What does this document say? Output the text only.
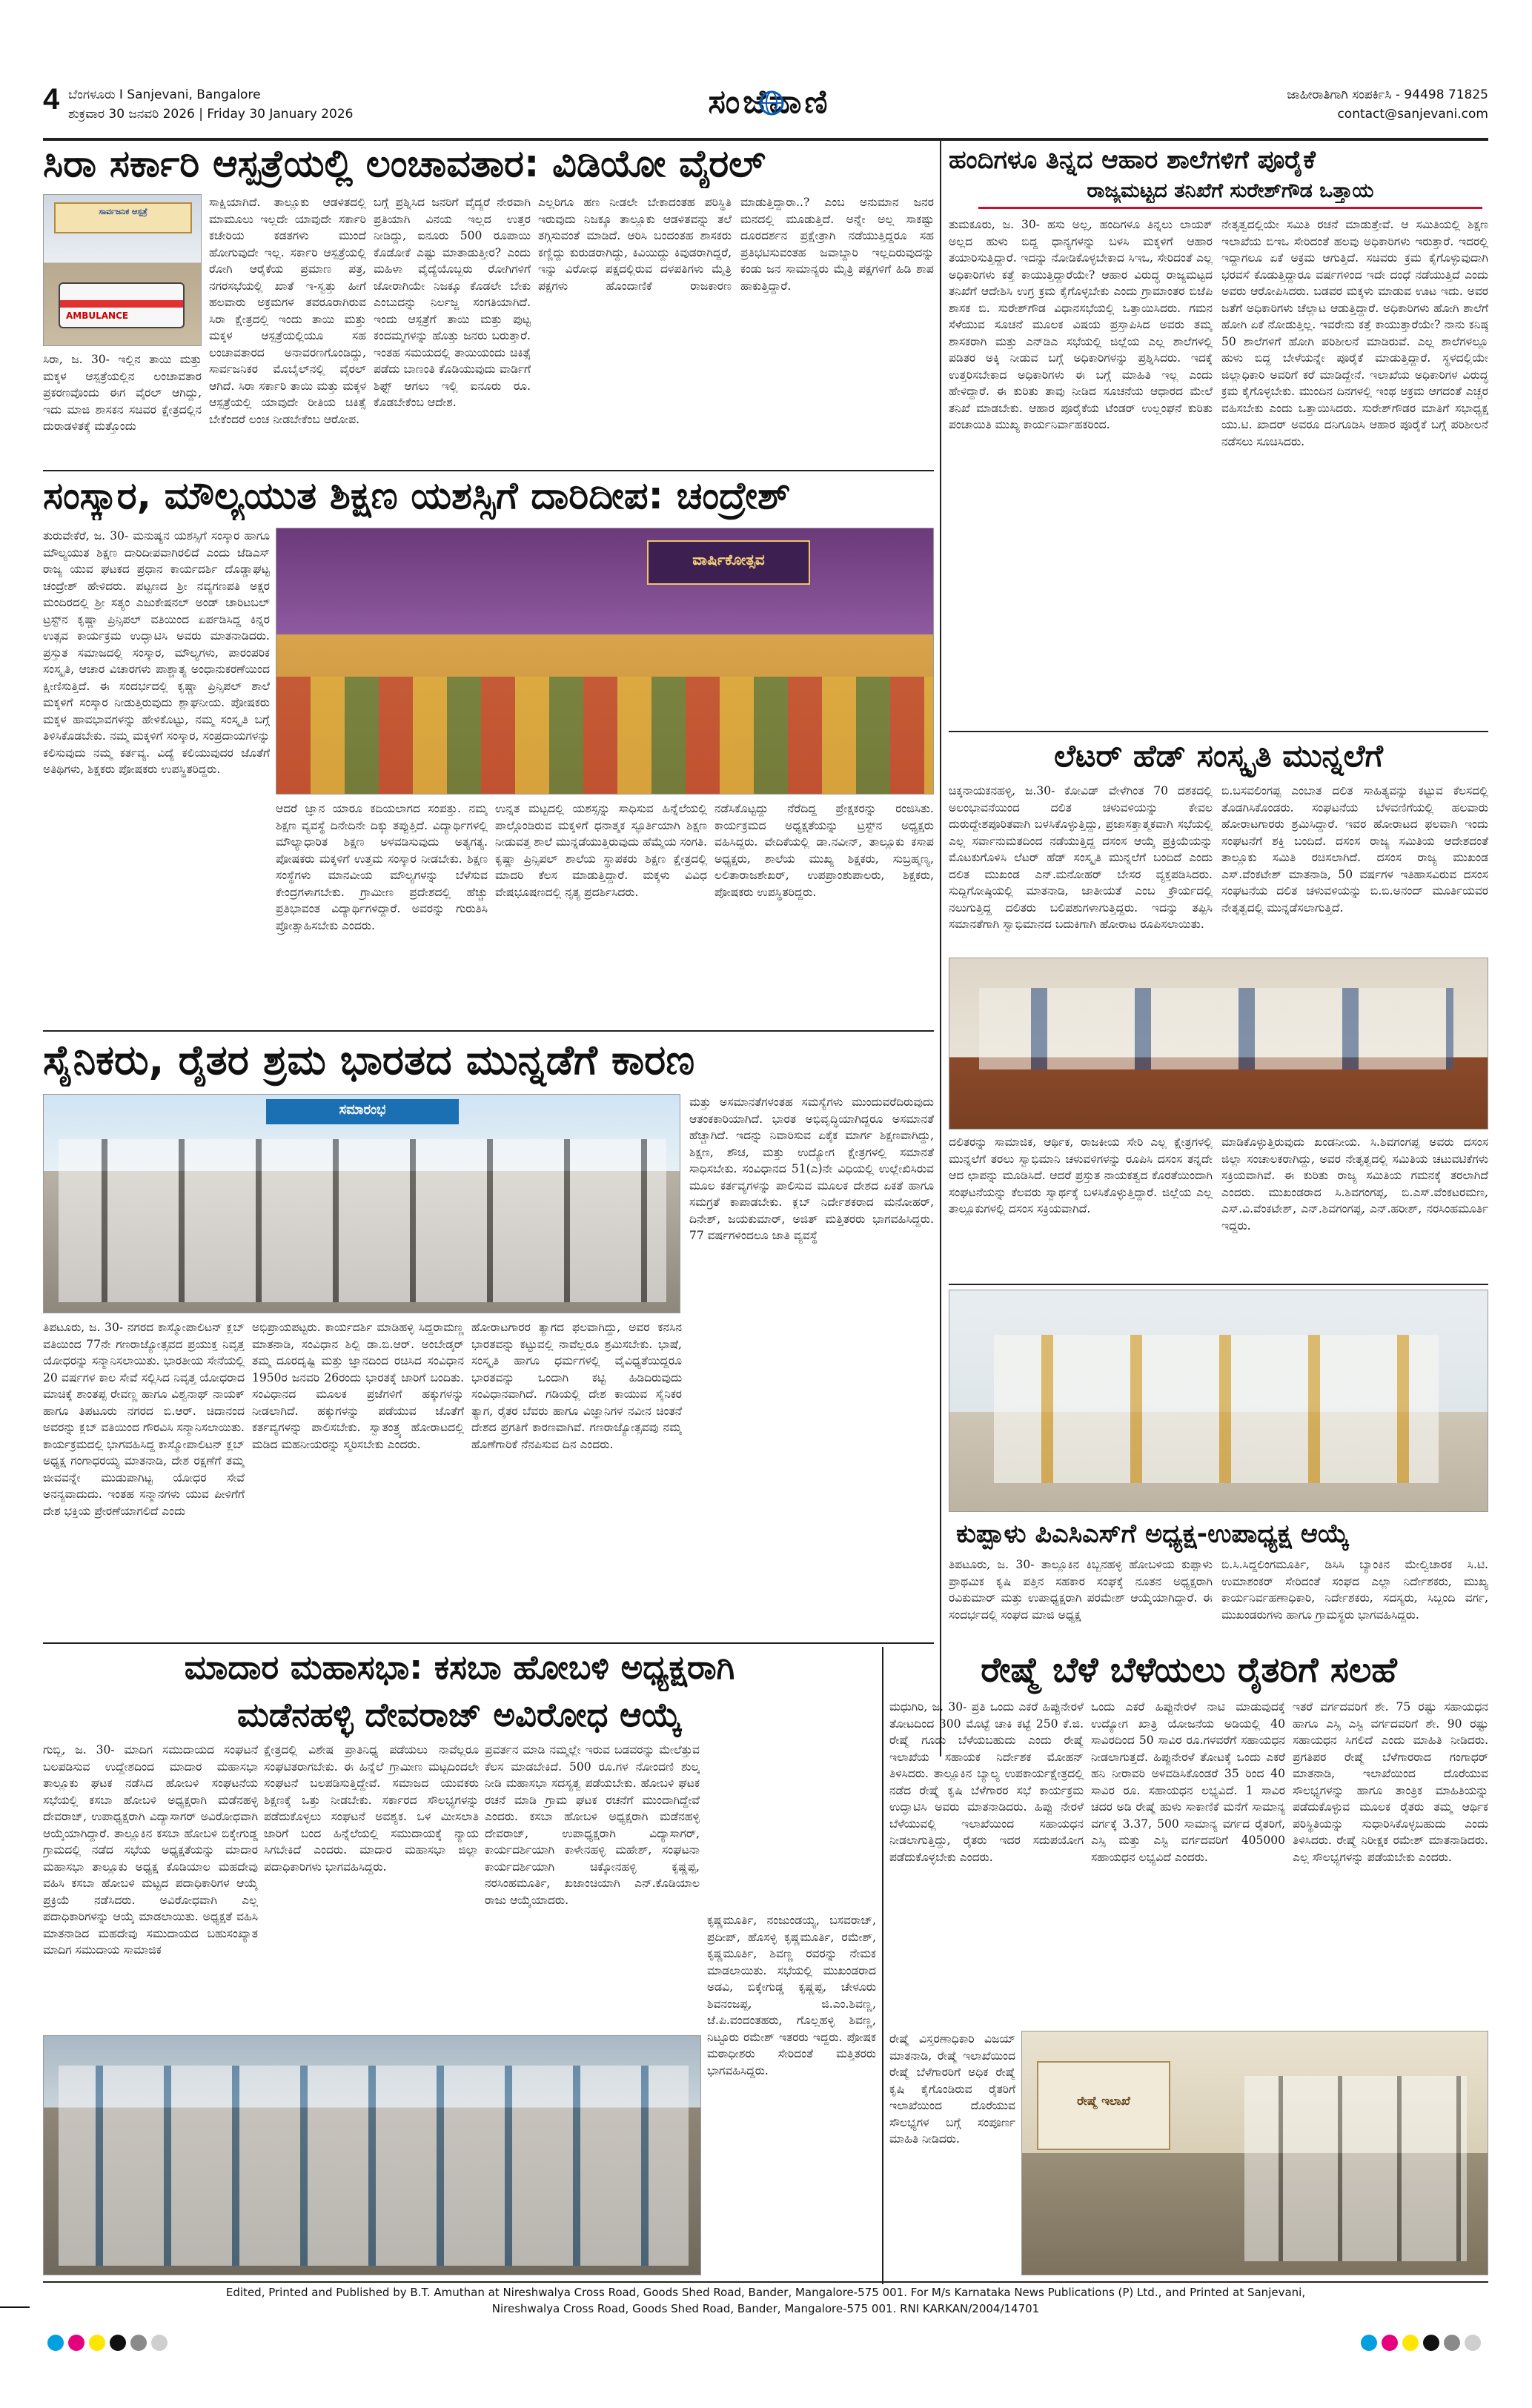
4 ಬೆಂಗಳೂರು I Sanjevani, Bangalore
ಶುಕ್ರವಾರ 30 ಜನವರಿ 2026 | Friday 30 January 2026	ಸಂಜೆವಾಣಿ	ಜಾಹೀರಾತಿಗಾಗಿ ಸಂಪರ್ಕಿಸಿ - 94498 71825
contact@sanjevani.com
ಸಿರಾ ಸರ್ಕಾರಿ ಆಸ್ಪತ್ರೆಯಲ್ಲಿ ಲಂಚಾವತಾರ: ವಿಡಿಯೋ ವೈರಲ್
ಸಾರ್ವಜನಿಕ ಆಸ್ಪತ್ರೆ
AMBULANCE
ಸಿರಾ, ಜ. 30- ಇಲ್ಲಿನ ತಾಯಿ ಮತ್ತು ಮಕ್ಕಳ ಆಸ್ಪತ್ರೆಯಲ್ಲಿನ ಲಂಚಾವತಾರ ಪ್ರಕರಣವೊಂದು ಈಗ ವೈರಲ್ ಆಗಿದ್ದು, ಇದು ಮಾಜಿ ಶಾಸಕನ ಸಚಿವರ ಕ್ಷೇತ್ರದಲ್ಲಿನ ದುರಾಡಳಿತಕ್ಕೆ ಮತ್ತೊಂದು
ಸಾಕ್ಷಿಯಾಗಿದೆ. ತಾಲ್ಲೂಕು ಆಡಳಿತದಲ್ಲಿ ಮಾಮೂಲು ಇಲ್ಲದೇ ಯಾವುದೇ ಸರ್ಕಾರಿ ಕಚೇರಿಯ ಕಡತಗಳು ಮುಂದೆ ಹೋಗುವುದೇ ಇಲ್ಲ. ಸರ್ಕಾರಿ ಆಸ್ಪತ್ರೆಯಲ್ಲಿ ರೋಗಿ ಆರೈಕೆಯ ಪ್ರಮಾಣ ಪತ್ರ, ನಗರಸಭೆಯಲ್ಲಿ ಖಾತೆ ಇ-ಸ್ವತ್ತು ಹೀಗೆ ಹಲವಾರು ಅಕ್ರಮಗಳ ತವರೂರಾಗಿರುವ ಸಿರಾ ಕ್ಷೇತ್ರದಲ್ಲಿ ಇಂದು ತಾಯಿ ಮತ್ತು ಮಕ್ಕಳ ಆಸ್ಪತ್ರೆಯಲ್ಲಿಯೂ ಸಹ ಲಂಚಾವತಾರದ ಅನಾವರಣಗೊಂಡಿದ್ದು, ಸಾರ್ವಜನಿಕರ ಮೊಬೈಲ್‌ನಲ್ಲಿ ವೈರಲ್ ಆಗಿದೆ. ಸಿರಾ ಸರ್ಕಾರಿ ತಾಯಿ ಮತ್ತು ಮಕ್ಕಳ ಆಸ್ಪತ್ರೆಯಲ್ಲಿ ಯಾವುದೇ ರೀತಿಯ ಚಿಕಿತ್ಸೆ ಬೇಕೆಂದರೆ ಲಂಚ ನೀಡಬೇಕೆಂಬ ಆರೋಪ.
ಬಗ್ಗೆ ಪ್ರಶ್ನಿಸಿದ ಜನರಿಗೆ ವೈದ್ಯರೆ ನೇರವಾಗಿ ಪ್ರತಿಯಾಗಿ ವಿನಯ ಇಲ್ಲದ ಉತ್ತರ ನೀಡಿದ್ದು, ಐನೂರು 500 ರೂಪಾಯಿ ಕೊಡೋಕೆ ಎಷ್ಟು ಮಾತಾಡುತ್ತೀರ? ಎಂದು ಮಹಿಳಾ ವೈದ್ಯೆಯೊಬ್ಬರು ರೋಗಿಗಳಿಗೆ ಜೋರಾಗಿಯೇ ನಿಜಕ್ಕೂ ಕೊಡಲೇ ಬೇಕು ಎಂಬುದನ್ನು ನಿರ್ಲಜ್ಜ ಸಂಗತಿಯಾಗಿದೆ. ಇಂದು ಆಸ್ಪತ್ರೆಗೆ ತಾಯಿ ಮತ್ತು ಪುಟ್ಟ ಕಂದಮ್ಮಗಳನ್ನು ಹೊತ್ತು ಜನರು ಬರುತ್ತಾರೆ. ಇಂತಹ ಸಮಯದಲ್ಲಿ ತಾಯಿಯಂದು ಚಿಕಿತ್ಸೆ ಪಡೆದು ಬಾಣಂತಿ ಕೊಡಿಯುವುದು ವಾರ್ಡಿಗೆ ಶಿಫ್ಟ್ ಆಗಲು ಇಲ್ಲಿ ಐನೂರು ರೂ. ಕೊಡಬೇಕೆಂಬ ಆದೇಶ.
ಎಲ್ಲರಿಗೂ ಹಣ ನೀಡಲೇ ಬೇಕಾದಂತಹ ಪರಿಸ್ಥಿತಿ ಇರುವುದು ನಿಜಕ್ಕೂ ತಾಲ್ಲೂಕು ಆಡಳಿತವನ್ನು ತಲೆ ತಗ್ಗಿಸುವಂತೆ ಮಾಡಿದೆ. ಆರಿಸಿ ಬಂದಂತಹ ಶಾಸಕರು ಕಣ್ಣಿದ್ದು ಕುರುಡರಾಗಿದ್ದು, ಕಿವಿಯಿದ್ದು ಕಿವುಡರಾಗಿದ್ದರೆ, ಇನ್ನು ವಿರೋಧ ಪಕ್ಷದಲ್ಲಿರುವ ದಳಪತಿಗಳು ಮೈತ್ರಿ ಪಕ್ಷಗಳು ಹೊಂದಾಣಿಕೆ ರಾಜಕಾರಣ ಮಾಡುತ್ತಿದ್ದಾರಾ..? ಎಂಬ ಅನುಮಾನ ಜನರ ಮನದಲ್ಲಿ ಮೂಡುತ್ತಿದೆ. ಅನ್ನೇ ಅಲ್ಲ ಸಾಕಷ್ಟು ದೂರದರ್ಶನ ಪ್ರಕ್ಷೇತ್ರಾಗಿ ನಡೆಯುತ್ತಿದ್ದರೂ ಸಹ ಪ್ರತಿಭಟಿಸುವಂತಹ ಜವಾಬ್ದಾರಿ ಇಲ್ಲದಿರುವುದನ್ನು ಕಂಡು ಜನ ಸಾಮಾನ್ಯರು ಮೈತ್ರಿ ಪಕ್ಷಗಳಿಗೆ ಹಿಡಿ ಶಾಪ ಹಾಕುತ್ತಿದ್ದಾರೆ.
ಹಂದಿಗಳೂ ತಿನ್ನದ ಆಹಾರ ಶಾಲೆಗಳಿಗೆ ಪೂರೈಕೆ
ರಾಜ್ಯಮಟ್ಟದ ತನಿಖೆಗೆ ಸುರೇಶ್‌ಗೌಡ ಒತ್ತಾಯ
ತುಮಕೂರು, ಜ. 30- ಹಸು ಅಲ್ಲ, ಹಂದಿಗಳೂ ತಿನ್ನಲು ಲಾಯಕ್ ಅಲ್ಲದ ಹುಳು ಬಿದ್ದ ಧಾನ್ಯಗಳನ್ನು ಬಳಸಿ ಮಕ್ಕಳಿಗೆ ಆಹಾರ ತಯಾರಿಸುತ್ತಿದ್ದಾರೆ. ಇದನ್ನು ನೋಡಿಕೊಳ್ಳಬೇಕಾದ ಸಿಇಒ, ಸೇರಿದಂತೆ ಎಲ್ಲ ಅಧಿಕಾರಿಗಳು ಕತ್ತೆ ಕಾಯುತ್ತಿದ್ದಾರೆಯೇ? ಆಹಾರ ವಿರುದ್ಧ ರಾಜ್ಯಮಟ್ಟದ ತನಿಖೆಗೆ ಆದೇಶಿಸಿ ಉಗ್ರ ಕ್ರಮ ಕೈಗೊಳ್ಳಬೇಕು ಎಂದು ಗ್ರಾಮಾಂತರ ಬಿಜೆಪಿ ಶಾಸಕ ಬಿ. ಸುರೇಶ್‌ಗೌಡ ವಿಧಾನಸಭೆಯಲ್ಲಿ ಒತ್ತಾಯಿಸಿದರು. ಗಮನ ಸೆಳೆಯುವ ಸೂಚನೆ ಮೂಲಕ ವಿಷಯ ಪ್ರಸ್ತಾಪಿಸಿದ ಅವರು ತಮ್ಮ ಶಾಸಕರಾಗಿ ಮತ್ತು ಎನ್‌ಡಿಎ ಸಭೆಯಲ್ಲಿ ಜಿಲ್ಲೆಯ ಎಲ್ಲ ಶಾಲೆಗಳಲ್ಲಿ ಪಡಿತರ ಅಕ್ಕಿ ನೀಡುವ ಬಗ್ಗೆ ಅಧಿಕಾರಿಗಳನ್ನು ಪ್ರಶ್ನಿಸಿದರು. ಇದಕ್ಕೆ ಉತ್ತರಿಸಬೇಕಾದ ಅಧಿಕಾರಿಗಳು ಈ ಬಗ್ಗೆ ಮಾಹಿತಿ ಇಲ್ಲ ಎಂದು ಹೇಳಿದ್ದಾರೆ. ಈ ಕುರಿತು ತಾವು ನೀಡಿದ ಸೂಚನೆಯ ಆಧಾರದ ಮೇಲೆ ತನಿಖೆ ಮಾಡಬೇಕು. ಆಹಾರ ಪೂರೈಕೆಯ ಟೆಂಡರ್ ಉಲ್ಲಂಘನೆ ಕುರಿತು ಪಂಚಾಯಿತಿ ಮುಖ್ಯ ಕಾರ್ಯನಿರ್ವಾಹಕರಿಂದ.
ನೇತೃತ್ವದಲ್ಲಿಯೇ ಸಮಿತಿ ರಚನೆ ಮಾಡುತ್ತೇವೆ. ಆ ಸಮಿತಿಯಲ್ಲಿ ಶಿಕ್ಷಣ ಇಲಾಖೆಯ ಬಿಇಒ ಸೇರಿದಂತೆ ಹಲವು ಅಧಿಕಾರಿಗಳು ಇರುತ್ತಾರೆ. ಇದರಲ್ಲಿ ಇದ್ದಾಗಲೂ ಏಕೆ ಅಕ್ರಮ ಆಗುತ್ತಿದೆ. ಸಚಿವರು ಕ್ರಮ ಕೈಗೊಳ್ಳುವುದಾಗಿ ಭರವಸೆ ಕೊಡುತ್ತಿದ್ದಾರೂ ವರ್ಷಗಳಿಂದ ಇದೇ ದಂಧೆ ನಡೆಯುತ್ತಿದೆ ಎಂದು ಅವರು ಆರೋಪಿಸಿದರು. ಬಡವರ ಮಕ್ಕಳು ಮಾಡುವ ಊಟ ಇದು. ಅವರ ಜತೆಗೆ ಅಧಿಕಾರಿಗಳು ಚೆಲ್ಲಾಟ ಆಡುತ್ತಿದ್ದಾರೆ. ಅಧಿಕಾರಿಗಳು ಹೋಗಿ ಶಾಲೆಗೆ ಹೋಗಿ ಏಕೆ ನೋಡುತ್ತಿಲ್ಲ. ಇವರೇನು ಕತ್ತೆ ಕಾಯುತ್ತಾರೆಯೇ? ನಾನು ಕನಿಷ್ಠ 50 ಶಾಲೆಗಳಿಗೆ ಹೋಗಿ ಪರಿಶೀಲನೆ ಮಾಡಿರುವೆ. ಎಲ್ಲ ಶಾಲೆಗಳಲ್ಲೂ ಹುಳು ಬಿದ್ದ ಬೇಳೆಯನ್ನೇ ಪೂರೈಕೆ ಮಾಡುತ್ತಿದ್ದಾರೆ. ಸ್ಥಳದಲ್ಲಿಯೇ ಜಿಲ್ಲಾಧಿಕಾರಿ ಅವರಿಗೆ ಕರೆ ಮಾಡಿದ್ದೇನೆ. ಇಲಾಖೆಯ ಅಧಿಕಾರಿಗಳ ವಿರುದ್ಧ ಕ್ರಮ ಕೈಗೊಳ್ಳಬೇಕು. ಮುಂದಿನ ದಿನಗಳಲ್ಲಿ ಇಂಥ ಅಕ್ರಮ ಆಗದಂತೆ ಎಚ್ಚರ ವಹಿಸಬೇಕು ಎಂದು ಒತ್ತಾಯಿಸಿದರು. ಸುರೇಶ್‌ಗೌಡರ ಮಾತಿಗೆ ಸಭಾಧ್ಯಕ್ಷ ಯು.ಟಿ. ಖಾದರ್ ಅವರೂ ದನಿಗೂಡಿಸಿ ಆಹಾರ ಪೂರೈಕೆ ಬಗ್ಗೆ ಪರಿಶೀಲನೆ ನಡೆಸಲು ಸೂಚಿಸಿದರು.
ಸಂಸ್ಕಾರ, ಮೌಲ್ಯಯುತ ಶಿಕ್ಷಣ ಯಶಸ್ಸಿಗೆ ದಾರಿದೀಪ: ಚಂದ್ರೇಶ್
ತುರುವೇಕೆರೆ, ಜ. 30- ಮನುಷ್ಯನ ಯಶಸ್ಸಿಗೆ ಸಂಸ್ಕಾರ ಹಾಗೂ ಮೌಲ್ಯಯುತ ಶಿಕ್ಷಣ ದಾರಿದೀಪವಾಗಿರಲಿದೆ ಎಂದು ಜೆಡಿಎಸ್ ರಾಜ್ಯ ಯುವ ಘಟಕದ ಪ್ರಧಾನ ಕಾರ್ಯದರ್ಶಿ ದೊಡ್ಡಾಘಟ್ಟ ಚಂದ್ರೇಶ್ ಹೇಳಿದರು. ಪಟ್ಟಣದ ಶ್ರೀ ನವ್ಯಗಣಪತಿ ಅಕ್ಷರ ಮಂದಿರದಲ್ಲಿ ಶ್ರೀ ಸತ್ಯಂ ಎಜುಕೇಷನಲ್ ಅಂಡ್ ಚಾರಿಟಬಲ್ ಟ್ರಸ್ಟ್‌ನ ಕೃಷ್ಣಾ ಪ್ರಿನ್ಸಿಪಲ್ ವತಿಯಿಂದ ಏರ್ಪಡಿಸಿದ್ದ ಕಿನ್ನರ ಉತ್ಸವ ಕಾರ್ಯಕ್ರಮ ಉದ್ಘಾಟಿಸಿ ಅವರು ಮಾತನಾಡಿದರು. ಪ್ರಸ್ತುತ ಸಮಾಜದಲ್ಲಿ ಸಂಸ್ಕಾರ, ಮೌಲ್ಯಗಳು, ಪಾರಂಪರಿಕ ಸಂಸ್ಕೃತಿ, ಆಚಾರ ವಿಚಾರಗಳು ಪಾಶ್ಚಾತ್ಯ ಅಂಧಾನುಕರಣೆಯಿಂದ ಕ್ಷೀಣಿಸುತ್ತಿದೆ. ಈ ಸಂದರ್ಭದಲ್ಲಿ ಕೃಷ್ಣಾ ಪ್ರಿನ್ಸಿಪಲ್ ಶಾಲೆ ಮಕ್ಕಳಿಗೆ ಸಂಸ್ಕಾರ ನೀಡುತ್ತಿರುವುದು ಶ್ಲಾಘನೀಯ. ಪೋಷಕರು ಮಕ್ಕಳ ಹಾವಭಾವಗಳನ್ನು ಹೇಳಿಕೊಟ್ಟು, ನಮ್ಮ ಸಂಸ್ಕೃತಿ ಬಗ್ಗೆ ತಿಳಿಸಿಕೊಡಬೇಕು. ನಮ್ಮ ಮಕ್ಕಳಿಗೆ ಸಂಸ್ಕಾರ, ಸಂಪ್ರದಾಯಗಳನ್ನು ಕಲಿಸುವುದು ನಮ್ಮ ಕರ್ತವ್ಯ. ವಿದ್ಯೆ ಕಲಿಯುವುದರ ಜೊತೆಗೆ ಅತಿಥಿಗಳು, ಶಿಕ್ಷಕರು ಪೋಷಕರು ಉಪಸ್ಥಿತರಿದ್ದರು.
ವಾರ್ಷಿಕೋತ್ಸವ
ಆದರೆ ಜ್ಞಾನ ಯಾರೂ ಕದಿಯಲಾಗದ ಸಂಪತ್ತು. ನಮ್ಮ ಶಿಕ್ಷಣ ವ್ಯವಸ್ಥೆ ದಿನೇದಿನೇ ದಿಕ್ಕು ತಪ್ಪುತ್ತಿದೆ. ವಿದ್ಯಾರ್ಥಿಗಳಲ್ಲಿ ಮೌಲ್ಯಾಧಾರಿತ ಶಿಕ್ಷಣ ಅಳವಡಿಸುವುದು ಅತ್ಯಗತ್ಯ. ಪೋಷಕರು ಮಕ್ಕಳಿಗೆ ಉತ್ತಮ ಸಂಸ್ಕಾರ ನೀಡಬೇಕು. ಶಿಕ್ಷಣ ಸಂಸ್ಥೆಗಳು ಮಾನವೀಯ ಮೌಲ್ಯಗಳನ್ನು ಬೆಳೆಸುವ ಕೇಂದ್ರಗಳಾಗಬೇಕು. ಗ್ರಾಮೀಣ ಪ್ರದೇಶದಲ್ಲಿ ಹೆಚ್ಚು ಪ್ರತಿಭಾವಂತ ವಿದ್ಯಾರ್ಥಿಗಳಿದ್ದಾರೆ. ಅವರನ್ನು ಗುರುತಿಸಿ ಪ್ರೋತ್ಸಾಹಿಸಬೇಕು ಎಂದರು.
ಉನ್ನತ ಮಟ್ಟದಲ್ಲಿ ಯಶಸ್ಸನ್ನು ಸಾಧಿಸುವ ಹಿನ್ನೆಲೆಯಲ್ಲಿ ಪಾಲ್ಗೊಂಡಿರುವ ಮಕ್ಕಳಿಗೆ ಧನಾತ್ಮಕ ಸ್ಫೂರ್ತಿಯಾಗಿ ಶಿಕ್ಷಣ ನೀಡುವತ್ತ ಶಾಲೆ ಮುನ್ನಡೆಯುತ್ತಿರುವುದು ಹೆಮ್ಮೆಯ ಸಂಗತಿ. ಕೃಷ್ಣಾ ಪ್ರಿನ್ಸಿಪಲ್ ಶಾಲೆಯ ಸ್ಥಾಪಕರು ಶಿಕ್ಷಣ ಕ್ಷೇತ್ರದಲ್ಲಿ ಮಾದರಿ ಕೆಲಸ ಮಾಡುತ್ತಿದ್ದಾರೆ. ಮಕ್ಕಳು ವಿವಿಧ ವೇಷಭೂಷಣದಲ್ಲಿ ನೃತ್ಯ ಪ್ರದರ್ಶಿಸಿದರು.
ನಡೆಸಿಕೊಟ್ಟದ್ದು ನೆರೆದಿದ್ದ ಪ್ರೇಕ್ಷಕರನ್ನು ರಂಜಿಸಿತು. ಕಾರ್ಯಕ್ರಮದ ಅಧ್ಯಕ್ಷತೆಯನ್ನು ಟ್ರಸ್ಟ್‌ನ ಅಧ್ಯಕ್ಷರು ವಹಿಸಿದ್ದರು. ವೇದಿಕೆಯಲ್ಲಿ ಡಾ.ನವೀನ್, ತಾಲ್ಲೂಕು ಕಸಾಪ ಅಧ್ಯಕ್ಷರು, ಶಾಲೆಯ ಮುಖ್ಯ ಶಿಕ್ಷಕರು, ಸುಬ್ರಹ್ಮಣ್ಯ, ಲಲಿತಾರಾಜಶೇಖರ್, ಉಪಪ್ರಾಂಶುಪಾಲರು, ಶಿಕ್ಷಕರು, ಪೋಷಕರು ಉಪಸ್ಥಿತರಿದ್ದರು.
ಲೆಟರ್ ಹೆಡ್ ಸಂಸ್ಕೃತಿ ಮುನ್ನಲೆಗೆ
ಚಿಕ್ಕನಾಯಕನಹಳ್ಳಿ, ಜ.30- ಕೋವಿಡ್ ವೇಳೆಗಿಂತ 70 ದಶಕದಲ್ಲಿ ಅಲಂಭಾವನೆಯಿಂದ ದಲಿತ ಚಳುವಳಿಯನ್ನು ಕೇವಲ ದುರುದ್ದೇಶಪೂರಿತವಾಗಿ ಬಳಸಿಕೊಳ್ಳುತ್ತಿದ್ದು, ಪ್ರಜಾಸತ್ತಾತ್ಮಕವಾಗಿ ಸಭೆಯಲ್ಲಿ ಎಲ್ಲ ಸರ್ವಾನುಮತದಿಂದ ನಡೆಯುತ್ತಿದ್ದ ದಸಂಸ ಆಯ್ಕೆ ಪ್ರಕ್ರಿಯೆಯನ್ನು ಮೊಟಕುಗೊಳಿಸಿ ಲೆಟರ್ ಹೆಡ್ ಸಂಸ್ಕೃತಿ ಮುನ್ನಲೆಗೆ ಬಂದಿದೆ ಎಂದು ದಲಿತ ಮುಖಂಡ ಎನ್.ಮನೋಹರ್ ಬೇಸರ ವ್ಯಕ್ತಪಡಿಸಿದರು. ಸುದ್ದಿಗೋಷ್ಠಿಯಲ್ಲಿ ಮಾತನಾಡಿ, ಜಾತೀಯತೆ ಎಂಬ ಕ್ರೌರ್ಯದಲ್ಲಿ ನಲುಗುತ್ತಿದ್ದ ದಲಿತರು ಬಲಿಪಶುಗಳಾಗುತ್ತಿದ್ದರು. ಇದನ್ನು ತಪ್ಪಿಸಿ ಸಮಾನತೆಗಾಗಿ ಸ್ವಾಭಿಮಾನದ ಬದುಕಿಗಾಗಿ ಹೋರಾಟ ರೂಪಿಸಲಾಯಿತು.
ಬಿ.ಬಸವಲಿಂಗಪ್ಪ ಎಂಬಾತ ದಲಿತ ಸಾಹಿತ್ಯವನ್ನು ಕಟ್ಟುವ ಕೆಲಸದಲ್ಲಿ ತೊಡಗಿಸಿಕೊಂಡರು. ಸಂಘಟನೆಯ ಬೆಳವಣಿಗೆಯಲ್ಲಿ ಹಲವಾರು ಹೋರಾಟಗಾರರು ಶ್ರಮಿಸಿದ್ದಾರೆ. ಇವರ ಹೋರಾಟದ ಫಲವಾಗಿ ಇಂದು ಸಂಘಟನೆಗೆ ಶಕ್ತಿ ಬಂದಿದೆ. ದಸಂಸ ರಾಜ್ಯ ಸಮಿತಿಯ ಆದೇಶದಂತೆ ತಾಲ್ಲೂಕು ಸಮಿತಿ ರಚಿಸಲಾಗಿದೆ. ದಸಂಸ ರಾಜ್ಯ ಮುಖಂಡ ಎಸ್.ವೆಂಕಟೇಶ್ ಮಾತನಾಡಿ, 50 ವರ್ಷಗಳ ಇತಿಹಾಸವಿರುವ ದಸಂಸ ಸಂಘಟನೆಯ ದಲಿತ ಚಳುವಳಿಯನ್ನು ಬಿ.ಬಿ.ಅನಂದ್ ಮೂರ್ತಿಯವರ ನೇತೃತ್ವದಲ್ಲಿ ಮುನ್ನಡೆಸಲಾಗುತ್ತಿದೆ.
ದಲಿತರನ್ನು ಸಾಮಾಜಿಕ, ಆರ್ಥಿಕ, ರಾಜಕೀಯ ಸೇರಿ ಎಲ್ಲ ಕ್ಷೇತ್ರಗಳಲ್ಲಿ ಮುನ್ನಲೆಗೆ ತರಲು ಸ್ವಾಭಿಮಾನಿ ಚಳುವಳಿಗಳನ್ನು ರೂಪಿಸಿ ದಸಂಸ ತನ್ನದೇ ಆದ ಛಾಪನ್ನು ಮೂಡಿಸಿದೆ. ಆದರೆ ಪ್ರಸ್ತುತ ನಾಯಕತ್ವದ ಕೊರತೆಯಿಂದಾಗಿ ಸಂಘಟನೆಯನ್ನು ಕೆಲವರು ಸ್ವಾರ್ಥಕ್ಕೆ ಬಳಸಿಕೊಳ್ಳುತ್ತಿದ್ದಾರೆ. ಜಿಲ್ಲೆಯ ಎಲ್ಲ ತಾಲ್ಲೂಕುಗಳಲ್ಲಿ ದಸಂಸ ಸಕ್ರಿಯವಾಗಿದೆ.
ಮಾಡಿಕೊಳ್ಳುತ್ತಿರುವುದು ಖಂಡನೀಯ. ಸಿ.ಶಿವಗಂಗಪ್ಪ ಅವರು ದಸಂಸ ಜಿಲ್ಲಾ ಸಂಚಾಲಕರಾಗಿದ್ದು, ಅವರ ನೇತೃತ್ವದಲ್ಲಿ ಸಮಿತಿಯ ಚಟುವಟಿಕೆಗಳು ಸಕ್ರಿಯವಾಗಿವೆ. ಈ ಕುರಿತು ರಾಜ್ಯ ಸಮಿತಿಯ ಗಮನಕ್ಕೆ ತರಲಾಗಿದೆ ಎಂದರು. ಮುಖಂಡರಾದ ಸಿ.ಶಿವಗಂಗಪ್ಪ, ಬಿ.ಎಸ್.ವೆಂಕಟರಮಣ, ಎಸ್.ವಿ.ವೆಂಕಟೇಶ್, ಎನ್.ಶಿವಗಂಗಪ್ಪ, ಎನ್.ಹರೀಶ್, ನರಸಿಂಹಮೂರ್ತಿ ಇದ್ದರು.
ಕುಪ್ಪಾಳು ಪಿಎಸಿಎಸ್‌ಗೆ ಅಧ್ಯಕ್ಷ-ಉಪಾಧ್ಯಕ್ಷ ಆಯ್ಕೆ
ತಿಪಟೂರು, ಜ. 30- ತಾಲ್ಲೂಕಿನ ಕಿಬ್ಬನಹಳ್ಳಿ ಹೋಬಳಿಯ ಕುಪ್ಪಾಳು ಪ್ರಾಥಮಿಕ ಕೃಷಿ ಪತ್ತಿನ ಸಹಕಾರ ಸಂಘಕ್ಕೆ ನೂತನ ಅಧ್ಯಕ್ಷರಾಗಿ ರವಿಕುಮಾರ್ ಮತ್ತು ಉಪಾಧ್ಯಕ್ಷರಾಗಿ ಪರಮೇಶ್ ಆಯ್ಕೆಯಾಗಿದ್ದಾರೆ. ಈ ಸಂದರ್ಭದಲ್ಲಿ ಸಂಘದ ಮಾಜಿ ಅಧ್ಯಕ್ಷ
ಬಿ.ಸಿ.ಸಿದ್ದಲಿಂಗಮೂರ್ತಿ, ಡಿಸಿಸಿ ಬ್ಯಾಂಕಿನ ಮೇಲ್ವಿಚಾರಕ ಸಿ.ಟಿ. ಉಮಾಶಂಕರ್ ಸೇರಿದಂತೆ ಸಂಘದ ಎಲ್ಲಾ ನಿರ್ದೇಶಕರು, ಮುಖ್ಯ ಕಾರ್ಯನಿರ್ವಹಣಾಧಿಕಾರಿ, ನಿರ್ದೇಶಕರು, ಸದಸ್ಯರು, ಸಿಬ್ಬಂದಿ ವರ್ಗ, ಮುಖಂಡರುಗಳು ಹಾಗೂ ಗ್ರಾಮಸ್ಥರು ಭಾಗವಹಿಸಿದ್ದರು.
ಸೈನಿಕರು, ರೈತರ ಶ್ರಮ ಭಾರತದ ಮುನ್ನಡೆಗೆ ಕಾರಣ
ಸಮಾರಂಭ	ಮತ್ತು ಅಸಮಾನತೆಗಳಂತಹ ಸಮಸ್ಯೆಗಳು ಮುಂದುವರೆದಿರುವುದು ಆತಂಕಕಾರಿಯಾಗಿದೆ. ಭಾರತ ಅಭಿವೃದ್ಧಿಯಾಗಿದ್ದರೂ ಅಸಮಾನತೆ ಹೆಚ್ಚಾಗಿದೆ. ಇದನ್ನು ನಿವಾರಿಸುವ ಏಕೈಕ ಮಾರ್ಗ ಶಿಕ್ಷಣವಾಗಿದ್ದು, ಶಿಕ್ಷಣ, ಶೌಚ, ಮತ್ತು ಉದ್ಯೋಗ ಕ್ಷೇತ್ರಗಳಲ್ಲಿ ಸಮಾನತೆ ಸಾಧಿಸಬೇಕು. ಸಂವಿಧಾನದ 51(ಎ)ನೇ ವಿಧಿಯಲ್ಲಿ ಉಲ್ಲೇಖಿಸಿರುವ ಮೂಲ ಕರ್ತವ್ಯಗಳನ್ನು ಪಾಲಿಸುವ ಮೂಲಕ ದೇಶದ ಏಕತೆ ಹಾಗೂ ಸಮಗ್ರತೆ ಕಾಪಾಡಬೇಕು. ಕ್ಲಬ್ ನಿರ್ದೇಶಕರಾದ ಮನೋಹರ್, ದಿನೇಶ್, ಜಯಕುಮಾರ್, ಅಜಿತ್ ಮತ್ತಿತರರು ಭಾಗವಹಿಸಿದ್ದರು. 77 ವರ್ಷಗಳಿಂದಲೂ ಜಾತಿ ವ್ಯವಸ್ಥೆ
ತಿಪಟೂರು, ಜ. 30- ನಗರದ ಕಾಸ್ಮೋಪಾಲಿಟನ್ ಕ್ಲಬ್ ವತಿಯಿಂದ 77ನೇ ಗಣರಾಜ್ಯೋತ್ಸವದ ಪ್ರಯುಕ್ತ ನಿವೃತ್ತ ಯೋಧರನ್ನು ಸನ್ಮಾನಿಸಲಾಯಿತು. ಭಾರತೀಯ ಸೇನೆಯಲ್ಲಿ 20 ವರ್ಷಗಳ ಕಾಲ ಸೇವೆ ಸಲ್ಲಿಸಿದ ನಿವೃತ್ತ ಯೋಧರಾದ ಮಾಚಿಕ್ಕೆ ಶಾಂತಪ್ಪ ರೇವಣ್ಣ ಹಾಗೂ ವಿಶ್ವನಾಥ್ ನಾಯಕ್ ಹಾಗೂ ತಿಪಟೂರು ನಗರದ ಬಿ.ಆರ್. ಚಿದಾನಂದ ಅವರನ್ನು ಕ್ಲಬ್ ವತಿಯಿಂದ ಗೌರವಿಸಿ ಸನ್ಮಾನಿಸಲಾಯಿತು. ಕಾರ್ಯಕ್ರಮದಲ್ಲಿ ಭಾಗವಹಿಸಿದ್ದ ಕಾಸ್ಮೋಪಾಲಿಟನ್ ಕ್ಲಬ್ ಅಧ್ಯಕ್ಷ ಗಂಗಾಧರಯ್ಯ ಮಾತನಾಡಿ, ದೇಶ ರಕ್ಷಣೆಗೆ ತಮ್ಮ ಜೀವವನ್ನೇ ಮುಡುಪಾಗಿಟ್ಟ ಯೋಧರ ಸೇವೆ ಅನನ್ಯವಾದುದು. ಇಂತಹ ಸನ್ಮಾನಗಳು ಯುವ ಪೀಳಿಗೆಗೆ ದೇಶ ಭಕ್ತಿಯ ಪ್ರೇರಣೆಯಾಗಲಿದೆ ಎಂದು
ಅಭಿಪ್ರಾಯಪಟ್ಟರು. ಕಾರ್ಯದರ್ಶಿ ಮಾಡಿಹಳ್ಳಿ ಸಿದ್ದರಾಮಣ್ಣ ಮಾತನಾಡಿ, ಸಂವಿಧಾನ ಶಿಲ್ಪಿ ಡಾ.ಬಿ.ಆರ್. ಅಂಬೇಡ್ಕರ್ ತಮ್ಮ ದೂರದೃಷ್ಟಿ ಮತ್ತು ಜ್ಞಾನದಿಂದ ರಚಿಸಿದ ಸಂವಿಧಾನ 1950ರ ಜನವರಿ 26ರಂದು ಭಾರತಕ್ಕೆ ಜಾರಿಗೆ ಬಂದಿತು. ಸಂವಿಧಾನದ ಮೂಲಕ ಪ್ರಜೆಗಳಿಗೆ ಹಕ್ಕುಗಳನ್ನು ನೀಡಲಾಗಿದೆ. ಹಕ್ಕುಗಳನ್ನು ಪಡೆಯುವ ಜೊತೆಗೆ ಕರ್ತವ್ಯಗಳನ್ನು ಪಾಲಿಸಬೇಕು. ಸ್ವಾತಂತ್ರ್ಯ ಹೋರಾಟದಲ್ಲಿ ಮಡಿದ ಮಹನೀಯರನ್ನು ಸ್ಮರಿಸಬೇಕು ಎಂದರು.
ಹೋರಾಟಗಾರರ ತ್ಯಾಗದ ಫಲವಾಗಿದ್ದು, ಅವರ ಕನಸಿನ ಭಾರತವನ್ನು ಕಟ್ಟುವಲ್ಲಿ ನಾವೆಲ್ಲರೂ ಶ್ರಮಿಸಬೇಕು. ಭಾಷೆ, ಸಂಸ್ಕೃತಿ ಹಾಗೂ ಧರ್ಮಗಳಲ್ಲಿ ವೈವಿಧ್ಯತೆಯಿದ್ದರೂ ಭಾರತವನ್ನು ಒಂದಾಗಿ ಕಟ್ಟಿ ಹಿಡಿದಿರುವುದು ಸಂವಿಧಾನವಾಗಿದೆ. ಗಡಿಯಲ್ಲಿ ದೇಶ ಕಾಯುವ ಸೈನಿಕರ ತ್ಯಾಗ, ರೈತರ ಬೆವರು ಹಾಗೂ ವಿಜ್ಞಾನಿಗಳ ನವೀನ ಚಿಂತನೆ ದೇಶದ ಪ್ರಗತಿಗೆ ಕಾರಣವಾಗಿವೆ. ಗಣರಾಜ್ಯೋತ್ಸವವು ನಮ್ಮ ಹೊಣೆಗಾರಿಕೆ ನೆನಪಿಸುವ ದಿನ ಎಂದರು.
ಮಾದಾರ ಮಹಾಸಭಾ: ಕಸಬಾ ಹೋಬಳಿ ಅಧ್ಯಕ್ಷರಾಗಿ
ಮಡೆನಹಳ್ಳಿ ದೇವರಾಜ್ ಅವಿರೋಧ ಆಯ್ಕೆ
ಗುಬ್ಬಿ, ಜ. 30- ಮಾದಿಗ ಸಮುದಾಯದ ಸಂಘಟನೆ ಬಲಪಡಿಸುವ ಉದ್ದೇಶದಿಂದ ಮಾದಾರ ಮಹಾಸಭಾ ತಾಲ್ಲೂಕು ಘಟಕ ನಡೆಸಿದ ಹೋಬಳಿ ಸಂಘಟನೆಯ ಸಭೆಯಲ್ಲಿ ಕಸಬಾ ಹೋಬಳಿ ಅಧ್ಯಕ್ಷರಾಗಿ ಮಡೆನಹಳ್ಳಿ ದೇವರಾಜ್, ಉಪಾಧ್ಯಕ್ಷರಾಗಿ ವಿದ್ಯಾಸಾಗರ್ ಅವಿರೋಧವಾಗಿ ಆಯ್ಕೆಯಾಗಿದ್ದಾರೆ. ತಾಲ್ಲೂಕಿನ ಕಸಬಾ ಹೋಬಳಿ ಬಿಕ್ಕೇಗುಡ್ಡ ಗ್ರಾಮದಲ್ಲಿ ನಡೆದ ಸಭೆಯ ಅಧ್ಯಕ್ಷತೆಯನ್ನು ಮಾದಾರ ಮಹಾಸಭಾ ತಾಲ್ಲೂಕು ಅಧ್ಯಕ್ಷ ಕೊಡಿಯಾಲ ಮಹದೇವು ವಹಿಸಿ ಕಸಬಾ ಹೋಬಳಿ ಮಟ್ಟದ ಪದಾಧಿಕಾರಿಗಳ ಆಯ್ಕೆ ಪ್ರಕ್ರಿಯೆ ನಡೆಸಿದರು. ಅವಿರೋಧವಾಗಿ ಎಲ್ಲ ಪದಾಧಿಕಾರಿಗಳನ್ನು ಆಯ್ಕೆ ಮಾಡಲಾಯಿತು. ಅಧ್ಯಕ್ಷತೆ ವಹಿಸಿ ಮಾತನಾಡಿದ ಮಹದೇವು ಸಮುದಾಯದ ಬಹುಸಂಖ್ಯಾತ ಮಾದಿಗ ಸಮುದಾಯ ಸಾಮಾಜಿಕ
ಕ್ಷೇತ್ರದಲ್ಲಿ ವಿಶೇಷ ಪ್ರಾತಿನಿಧ್ಯ ಪಡೆಯಲು ನಾವೆಲ್ಲರೂ ಸಂಘಟಿತರಾಗಬೇಕು. ಈ ಹಿನ್ನೆಲೆ ಗ್ರಾಮೀಣ ಮಟ್ಟದಿಂದಲೇ ಸಂಘಟನೆ ಬಲಪಡಿಸುತ್ತಿದ್ದೇವೆ. ಸಮಾಜದ ಯುವಕರು ಶಿಕ್ಷಣಕ್ಕೆ ಒತ್ತು ನೀಡಬೇಕು. ಸರ್ಕಾರದ ಸೌಲಭ್ಯಗಳನ್ನು ಪಡೆದುಕೊಳ್ಳಲು ಸಂಘಟನೆ ಅವಶ್ಯಕ. ಒಳ ಮೀಸಲಾತಿ ಜಾರಿಗೆ ಬಂದ ಹಿನ್ನೆಲೆಯಲ್ಲಿ ಸಮುದಾಯಕ್ಕೆ ನ್ಯಾಯ ಸಿಗಬೇಕಿದೆ ಎಂದರು. ಮಾದಾರ ಮಹಾಸಭಾ ಜಿಲ್ಲಾ ಪದಾಧಿಕಾರಿಗಳು ಭಾಗವಹಿಸಿದ್ದರು.
ಪ್ರವರ್ತನ ಮಾಡಿ ನಮ್ಮಲ್ಲೇ ಇರುವ ಬಡವರನ್ನು ಮೇಲೆತ್ತುವ ಕೆಲಸ ಮಾಡಬೇಕಿದೆ. 500 ರೂ.ಗಳ ನೋಂದಣಿ ಶುಲ್ಕ ನೀಡಿ ಮಹಾಸಭಾ ಸದಸ್ಯತ್ವ ಪಡೆಯಬೇಕು. ಹೋಬಳಿ ಘಟಕ ರಚನೆ ಮಾಡಿ ಗ್ರಾಮ ಘಟಕ ರಚನೆಗೆ ಮುಂದಾಗಿದ್ದೇವೆ ಎಂದರು. ಕಸಬಾ ಹೋಬಳಿ ಅಧ್ಯಕ್ಷರಾಗಿ ಮಡೆನಹಳ್ಳಿ ದೇವರಾಜ್, ಉಪಾಧ್ಯಕ್ಷರಾಗಿ ವಿದ್ಯಾಸಾಗರ್, ಕಾರ್ಯದರ್ಶಿಯಾಗಿ ಕಾಳೇನಹಳ್ಳಿ ಮಹೇಶ್, ಸಂಘಟನಾ ಕಾರ್ಯದರ್ಶಿಯಾಗಿ ಚಿಕ್ಕೋನಹಳ್ಳಿ ಕೃಷ್ಣಪ್ಪ, ನರಸಿಂಹಮೂರ್ತಿ, ಖಜಾಂಚಿಯಾಗಿ ಎನ್.ಕೊಡಿಯಾಲ ರಾಜು ಆಯ್ಕೆಯಾದರು.
ಕೃಷ್ಣಮೂರ್ತಿ, ನಂಜುಂಡಯ್ಯ, ಬಸವರಾಜ್, ಪ್ರದೀಪ್, ಹೊಸಳ್ಳಿ ಕೃಷ್ಣಮೂರ್ತಿ, ರಮೇಶ್, ಕೃಷ್ಣಮೂರ್ತಿ, ಶಿವಣ್ಣ ರವರನ್ನು ನೇಮಕ ಮಾಡಲಾಯಿತು. ಸಭೆಯಲ್ಲಿ ಮುಖಂಡರಾದ ಅಡವಿ, ಬಿಕ್ಕೇಗುಡ್ಡ ಕೃಷ್ಣಪ್ಪ, ಚೇಳೂರು ಶಿವನಂಜಪ್ಪ, ಜಿ.ಎಂ.ಶಿವಣ್ಣ, ಜೆ.ಪಿ.ವಂದಂತಹರು, ಗೊಲ್ಲಹಳ್ಳಿ ಶಿವಣ್ಣ, ನಿಟ್ಟೂರು ರಮೇಶ್ ಇತರರು ಇದ್ದರು. ಪೋಷಕ ಮಠಾಧೀಶರು ಸೇರಿದಂತೆ ಮತ್ತಿತರರು ಭಾಗವಹಿಸಿದ್ದರು.
ರೇಷ್ಮೆ ಬೆಳೆ ಬೆಳೆಯಲು ರೈತರಿಗೆ ಸಲಹೆ
ಮಧುಗಿರಿ, ಜ. 30- ಪ್ರತಿ ಒಂದು ಎಕರೆ ಹಿಪ್ಪುನೇರಳೆ ತೋಟದಿಂದ 300 ಮೊಟ್ಟೆ ಚಾಕಿ ಕಟ್ಟೆ 250 ಕೆ.ಜಿ. ರೇಷ್ಮೆ ಗೂಡು ಬೆಳೆಯಬಹುದು ಎಂದು ರೇಷ್ಮೆ ಇಲಾಖೆಯ ಸಹಾಯಕ ನಿರ್ದೇಶಕ ಮೋಹನ್‌ ತಿಳಿಸಿದರು. ತಾಲ್ಲೂಕಿನ ಬ್ಯಾಲ್ಯ ಉಪಕಾರ್ಯಕ್ಷೇತ್ರದಲ್ಲಿ ನಡೆದ ರೇಷ್ಮೆ ಕೃಷಿ ಬೆಳೆಗಾರರ ಸಭೆ ಕಾರ್ಯಕ್ರಮ ಉದ್ಘಾಟಿಸಿ ಅವರು ಮಾತನಾಡಿದರು. ಹಿಪ್ಪು ನೇರಳೆ ಬೆಳೆಯುವಲ್ಲಿ ಇಲಾಖೆಯಿಂದ ಸಹಾಯಧನ ನೀಡಲಾಗುತ್ತಿದ್ದು, ರೈತರು ಇದರ ಸದುಪಯೋಗ ಪಡೆದುಕೊಳ್ಳಬೇಕು ಎಂದರು.
ಒಂದು ಎಕರೆ ಹಿಪ್ಪುನೇರಳೆ ನಾಟಿ ಮಾಡುವುದಕ್ಕೆ ಉದ್ಯೋಗ ಖಾತ್ರಿ ಯೋಜನೆಯ ಅಡಿಯಲ್ಲಿ 40 ಸಾವಿರದಿಂದ 50 ಸಾವಿರ ರೂ.ಗಳವರೆಗೆ ಸಹಾಯಧನ ನೀಡಲಾಗುತ್ತದೆ. ಹಿಪ್ಪುನೇರಳೆ ತೋಟಕ್ಕೆ ಒಂದು ಎಕರೆ ಹನಿ ನೀರಾವರಿ ಅಳವಡಿಸಿಕೊಂಡರೆ 35 ರಿಂದ 40 ಸಾವಿರ ರೂ. ಸಹಾಯಧನ ಲಭ್ಯವಿದೆ. 1 ಸಾವಿರ ಚದರ ಅಡಿ ರೇಷ್ಮೆ ಹುಳು ಸಾಕಾಣಿಕೆ ಮನೆಗೆ ಸಾಮಾನ್ಯ ವರ್ಗಕ್ಕೆ 3.37, 500 ಸಾಮಾನ್ಯ ವರ್ಗದ ರೈತರಿಗೆ, ಎಸ್ಸಿ ಮತ್ತು ಎಸ್ಟಿ ವರ್ಗದವರಿಗೆ 405000 ಸಹಾಯಧನ ಲಭ್ಯವಿದೆ ಎಂದರು.
ಇತರೆ ವರ್ಗದವರಿಗೆ ಶೇ. 75 ರಷ್ಟು ಸಹಾಯಧನ ಹಾಗೂ ಎಸ್ಸಿ ಎಸ್ಟಿ ವರ್ಗದವರಿಗೆ ಶೇ. 90 ರಷ್ಟು ಸಹಾಯಧನ ಸಿಗಲಿದೆ ಎಂದು ಮಾಹಿತಿ ನೀಡಿದರು. ಪ್ರಗತಿಪರ ರೇಷ್ಮೆ ಬೆಳೆಗಾರರಾದ ಗಂಗಾಧರ್ ಮಾತನಾಡಿ, ಇಲಾಖೆಯಿಂದ ದೊರೆಯುವ ಸೌಲಭ್ಯಗಳನ್ನು ಹಾಗೂ ತಾಂತ್ರಿಕ ಮಾಹಿತಿಯನ್ನು ಪಡೆದುಕೊಳ್ಳುವ ಮೂಲಕ ರೈತರು ತಮ್ಮ ಆರ್ಥಿಕ ಪರಿಸ್ಥಿತಿಯನ್ನು ಸುಧಾರಿಸಿಕೊಳ್ಳಬಹುದು ಎಂದು ತಿಳಿಸಿದರು. ರೇಷ್ಮೆ ನಿರೀಕ್ಷಕ ರಮೇಶ್ ಮಾತನಾಡಿದರು. ಎಲ್ಲ ಸೌಲಭ್ಯಗಳನ್ನು ಪಡೆಯಬೇಕು ಎಂದರು.
ರೇಷ್ಮೆ ವಿಸ್ತರಣಾಧಿಕಾರಿ ವಿಜಯ್ ಮಾತನಾಡಿ, ರೇಷ್ಮೆ ಇಲಾಖೆಯಿಂದ ರೇಷ್ಮೆ ಬೆಳೆಗಾರರಿಗೆ ಅಧಿಕ ರೇಷ್ಮೆ ಕೃಷಿ ಕೈಗೊಂಡಿರುವ ರೈತರಿಗೆ ಇಲಾಖೆಯಿಂದ ದೊರೆಯುವ ಸೌಲಭ್ಯಗಳ ಬಗ್ಗೆ ಸಂಪೂರ್ಣ ಮಾಹಿತಿ ನೀಡಿದರು.
ರೇಷ್ಮೆ ಇಲಾಖೆ
Edited, Printed and Published by B.T. Amuthan at Nireshwalya Cross Road, Goods Shed Road, Bander, Mangalore-575 001. For M/s Karnataka News Publications (P) Ltd., and Printed at Sanjevani,
Nireshwalya Cross Road, Goods Shed Road, Bander, Mangalore-575 001. RNI KARKAN/2004/14701
